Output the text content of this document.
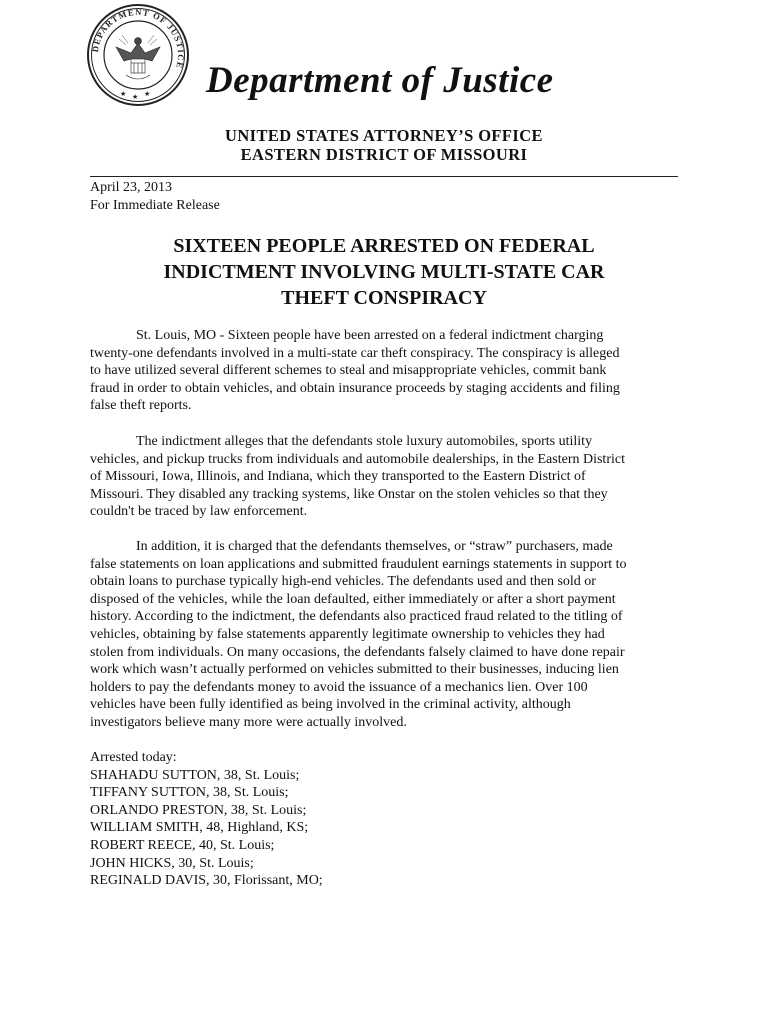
DEPARTMENT OF JUSTICE
★ ★ ★ Department of Justice
UNITED STATES ATTORNEY’S OFFICE
EASTERN DISTRICT OF MISSOURI
April 23, 2013
For Immediate Release
SIXTEEN PEOPLE ARRESTED ON FEDERAL
INDICTMENT INVOLVING MULTI-STATE CAR
THEFT CONSPIRACY
St. Louis, MO - Sixteen people have been arrested on a federal indictment charging
twenty-one defendants involved in a multi-state car theft conspiracy. The conspiracy is alleged
to have utilized several different schemes to steal and misappropriate vehicles, commit bank
fraud in order to obtain vehicles, and obtain insurance proceeds by staging accidents and filing
false theft reports.
The indictment alleges that the defendants stole luxury automobiles, sports utility
vehicles, and pickup trucks from individuals and automobile dealerships, in the Eastern District
of Missouri, Iowa, Illinois, and Indiana, which they transported to the Eastern District of
Missouri. They disabled any tracking systems, like Onstar on the stolen vehicles so that they
couldn't be traced by law enforcement.
In addition, it is charged that the defendants themselves, or “straw” purchasers, made
false statements on loan applications and submitted fraudulent earnings statements in support to
obtain loans to purchase typically high-end vehicles. The defendants used and then sold or
disposed of the vehicles, while the loan defaulted, either immediately or after a short payment
history. According to the indictment, the defendants also practiced fraud related to the titling of
vehicles, obtaining by false statements apparently legitimate ownership to vehicles they had
stolen from individuals. On many occasions, the defendants falsely claimed to have done repair
work which wasn’t actually performed on vehicles submitted to their businesses, inducing lien
holders to pay the defendants money to avoid the issuance of a mechanics lien. Over 100
vehicles have been fully identified as being involved in the criminal activity, although
investigators believe many more were actually involved.
Arrested today:
SHAHADU SUTTON, 38, St. Louis;
TIFFANY SUTTON, 38, St. Louis;
ORLANDO PRESTON, 38, St. Louis;
WILLIAM SMITH, 48, Highland, KS;
ROBERT REECE, 40, St. Louis;
JOHN HICKS, 30, St. Louis;
REGINALD DAVIS, 30, Florissant, MO;
